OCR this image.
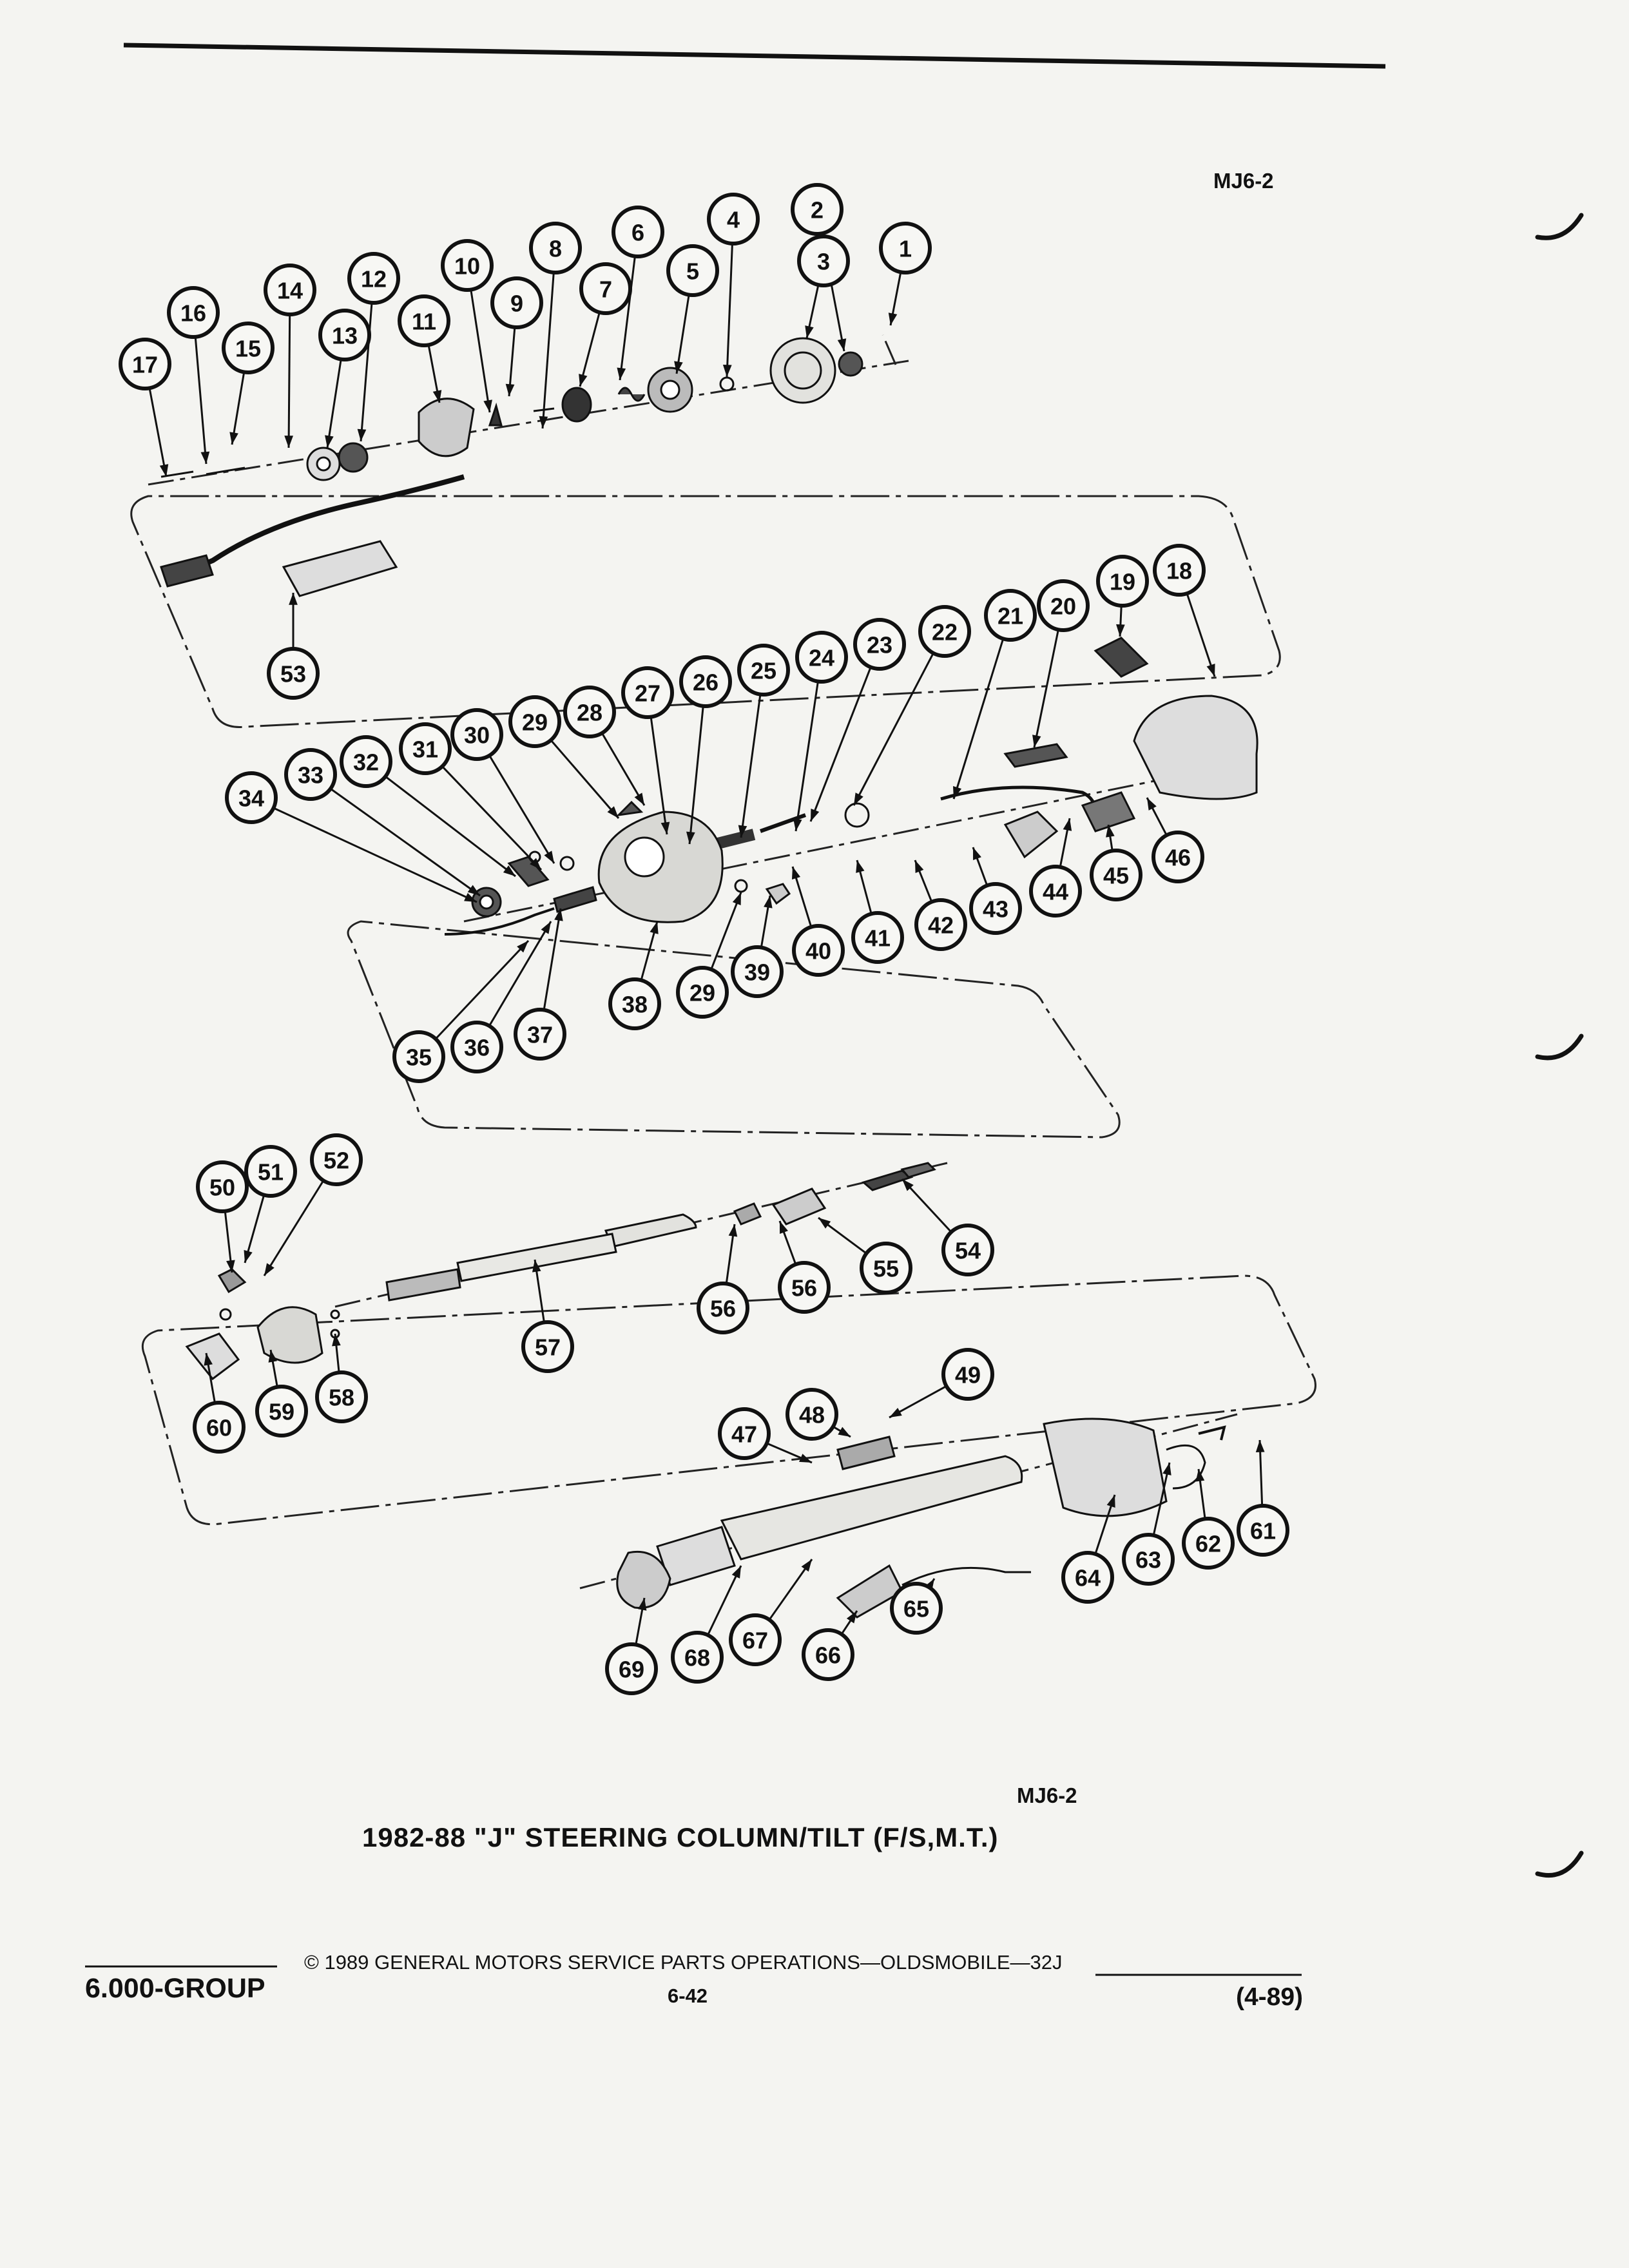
1
2
3
4
5
6
7
8
9
10
11
12
13
14
15
16
17
18
19
20
21
22
23
24
25
26
27
28
29
29
30
31
32
33
34
35 36 37
38
39
40 41 42
43
44
45
46
47
48
49
50
51 52
53
54
55
56
56
57
58
59
60
61
62
63
64
65
66
67
68
69
MJ6-2
MJ6-2
1982-88 "J" STEERING COLUMN/TILT (F/S,M.T.)
© 1989 GENERAL MOTORS SERVICE PARTS OPERATIONS—OLDSMOBILE—32J
6.000-GROUP	6-42	(4-89)
